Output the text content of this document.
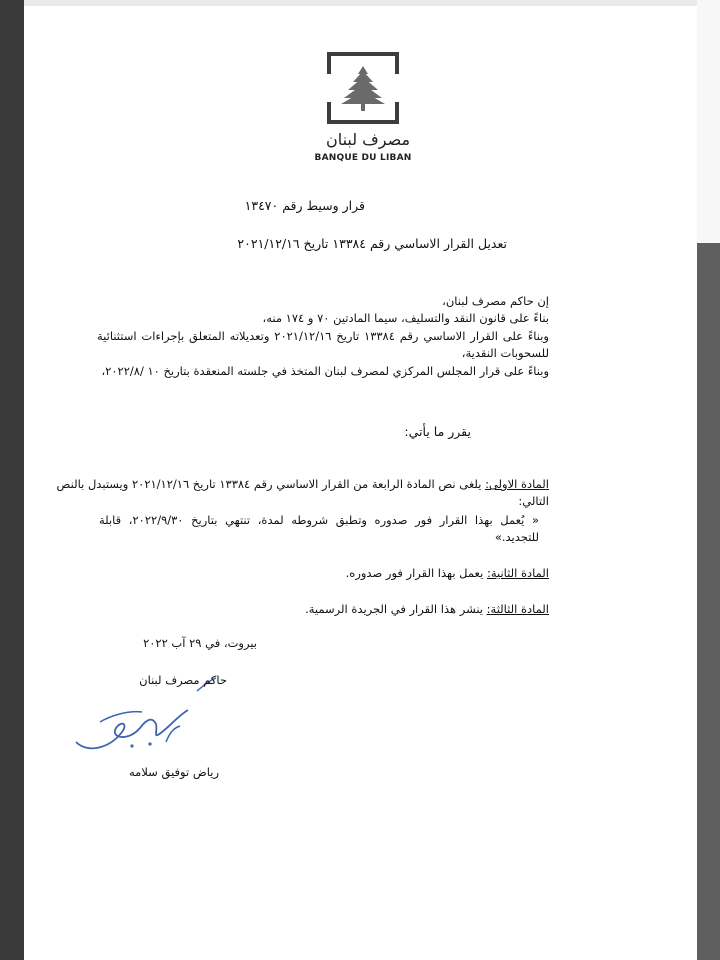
مصرف لبنان
BANQUE DU LIBAN
قرار وسيط رقم ١٣٤٧٠
تعديل القرار الاساسي رقم ١٣٣٨٤ تاريخ ٢٠٢١/١٢/١٦
إن حاكم مصرف لبنان،
بناءً على قانون النقد والتسليف، سيما المادتين ٧٠ و ١٧٤ منه،
وبناءً على القرار الاساسي رقم ١٣٣٨٤ تاريخ ٢٠٢١/١٢/١٦ وتعديلاته المتعلق بإجراءات استثنائية للسحوبات النقدية،
وبناءً على قرار المجلس المركزي لمصرف لبنان المتخذ في جلسته المنعقدة بتاريخ ١٠ /٢٠٢٢/٨،
يقرر ما يأتي:
المادة الاولى: يلغى نص المادة الرابعة من القرار الاساسي رقم ١٣٣٨٤ تاريخ ٢٠٢١/١٢/١٦ ويستبدل بالنص التالي:
« يُعمل بهذا القرار فور صدوره وتطبق شروطه لمدة، تنتهي بتاريخ ٢٠٢٢/٩/٣٠، قابلة للتجديد.»
المادة الثانية: يعمل بهذا القرار فور صدوره.
المادة الثالثة: ينشر هذا القرار في الجريدة الرسمية.
بيروت، في ٢٩ آب ٢٠٢٢
حاكم مصرف لبنان
رياض توفيق سلامه
